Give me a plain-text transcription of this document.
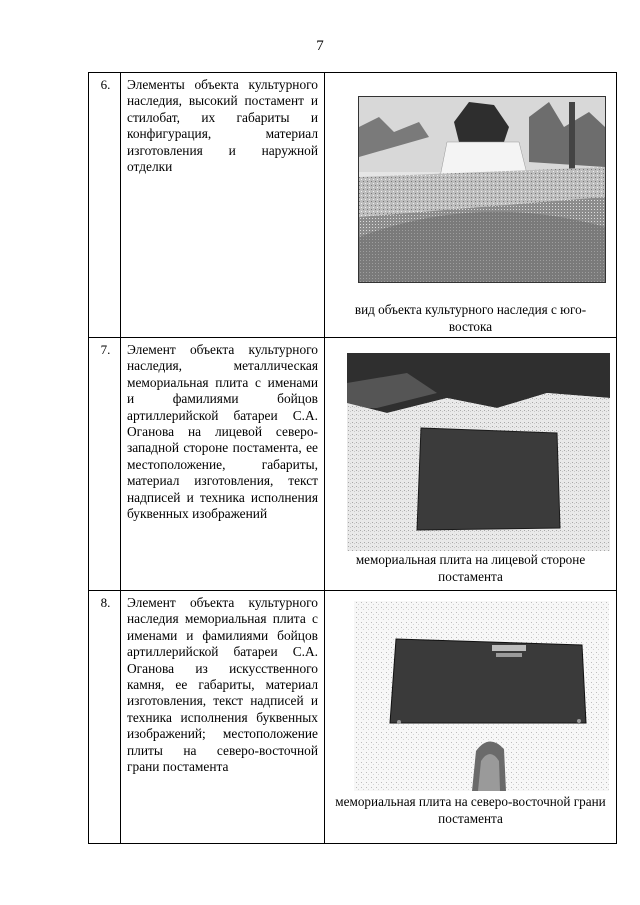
7
6.	Элементы объекта культурного наследия, высокий постамент и стилобат, их габариты и конфигурация, материал изготовления и наружной отделки	вид объекта культурного наследия с юго-востока

7.	Элемент объекта культурного наследия, металлическая мемориальная плита с именами и фамилиями бойцов артиллерийской батареи С.А. Оганова на лицевой северо-западной стороне постамента, ее местоположение, габариты, материал изготовления, текст надписей и техника исполнения буквенных изображений	мемориальная плита на лицевой стороне постамента

8.	Элемент объекта культурного наследия мемориальная плита с именами и фамилиями бойцов артиллерийской батареи С.А. Оганова из искусственного камня, ее габариты, материал изготовления, текст надписей и техника исполнения буквенных изображений; местоположение плиты на северо-восточной грани постамента	мемориальная плита на северо-восточной грани постамента
